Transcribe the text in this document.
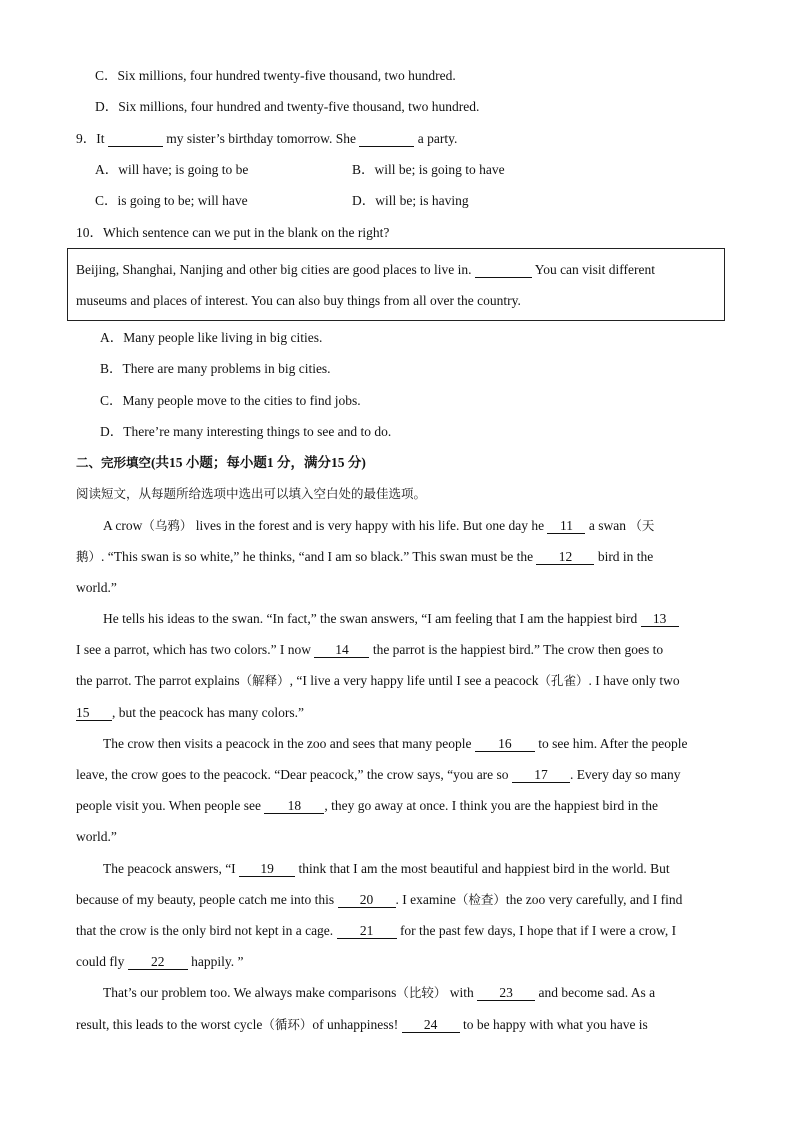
C．Six millions, four hundred twenty-five thousand, two hundred.
D．Six millions, four hundred and twenty-five thousand, two hundred.
9．It	my sister’s birthday tomorrow. She	a party.
A．will have; is going to be	B．will be; is going to have
C．is going to be; will have	D．will be; is having
10．Which sentence can we put in the blank on the right?
Beijing, Shanghai, Nanjing and other big cities are good places to live in.	You can visit different
museums and places of interest. You can also buy things from all over the country.
A．Many people like living in big cities.
B．There are many problems in big cities.
C．Many people move to the cities to find jobs.
D．There’re many interesting things to see and to do.
二、完形填空(共15 小题；每小题1 分，满分15 分)
阅读短文，从每题所给选项中选出可以填入空白处的最佳选项。
A crow（乌鸦） lives in the forest and is very happy with his life. But one day he 11 a swan （天
鹅）. “This swan is so white,” he thinks, “and I am so black.” This swan must be the 12 bird in the
world.”
He tells his ideas to the swan. “In fact,” the swan answers, “I am feeling that I am the happiest bird 13
I see a parrot, which has two colors.” I now 14 the parrot is the happiest bird.” The crow then goes to
the parrot. The parrot explains（解释）, “I live a very happy life until I see a peacock（孔雀）. I have only two
15 , but the peacock has many colors.”
The crow then visits a peacock in the zoo and sees that many people 16 to see him. After the people
leave, the crow goes to the peacock. “Dear peacock,” the crow says, “you are so 17 . Every day so many
people visit you. When people see 18 , they go away at once. I think you are the happiest bird in the
world.”
The peacock answers, “I 19 think that I am the most beautiful and happiest bird in the world. But
because of my beauty, people catch me into this 20 . I examine（检查）the zoo very carefully, and I find
that the crow is the only bird not kept in a cage. 21 for the past few days, I hope that if I were a crow, I
could fly 22 happily. ”
That’s our problem too. We always make comparisons（比较） with 23 and become sad. As a
result, this leads to the worst cycle（循环）of unhappiness! 24 to be happy with what you have is
